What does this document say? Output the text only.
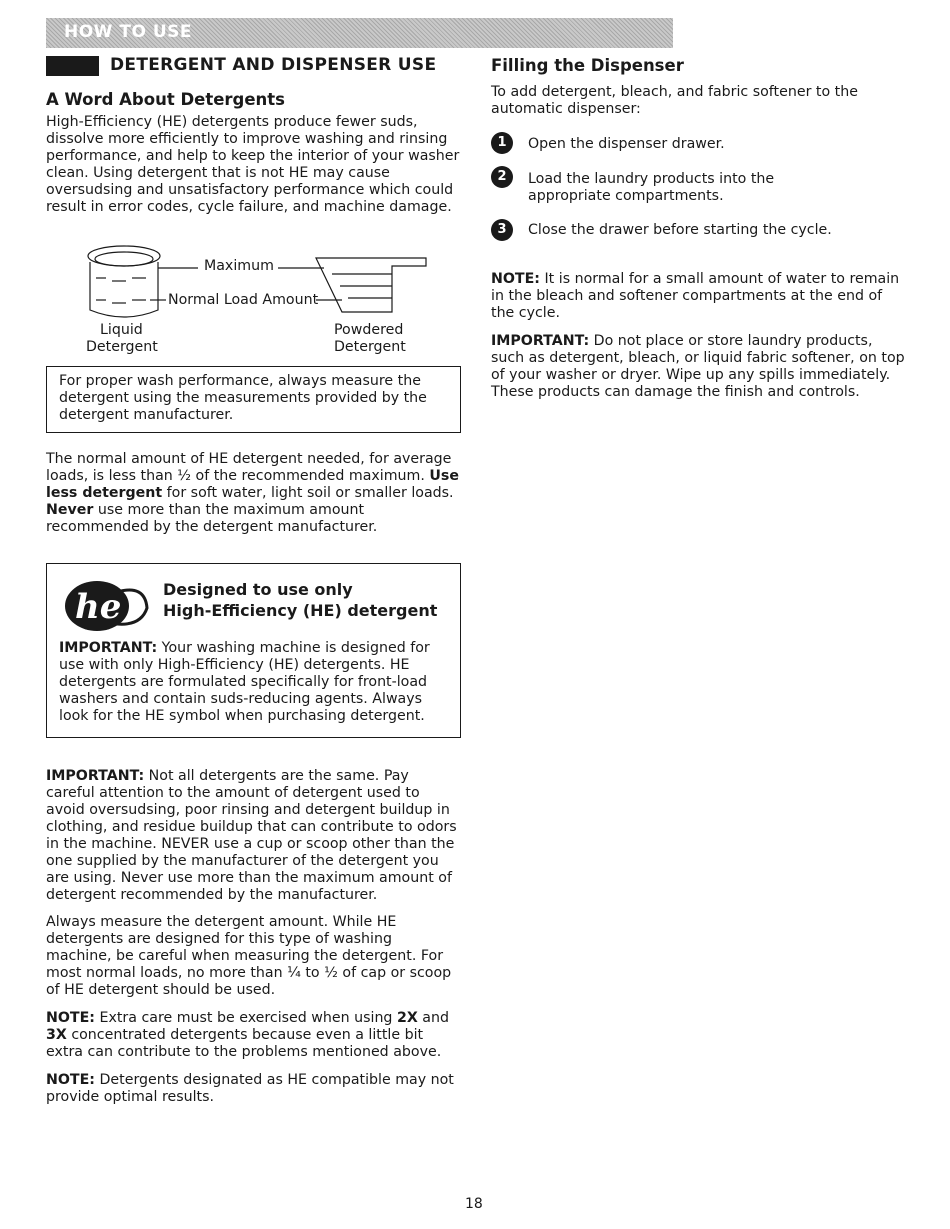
HOW TO USE
DETERGENT AND DISPENSER USE
A Word About Detergents

High-Efficiency (HE) detergents produce fewer suds, dissolve more efficiently to improve washing and rinsing performance, and help to keep the interior of your washer clean. Using detergent that is not HE may cause oversudsing and unsatisfactory performance which could result in error codes, cycle failure, and machine damage.

Maximum
Normal Load Amount
Liquid
Detergent
Powdered
Detergent

For proper wash performance, always measure the detergent using the measurements provided by the detergent manufacturer.

The normal amount of HE detergent needed, for average loads, is less than ½ of the recommended maximum. Use less detergent for soft water, light soil or smaller loads. Never use more than the maximum amount recommended by the detergent manufacturer.

he	Designed to use only
High-Efficiency (HE) detergent

IMPORTANT: Your washing machine is designed for use with only High-Efficiency (HE) detergents. HE detergents are formulated specifically for front-load washers and contain suds-reducing agents. Always look for the HE symbol when purchasing detergent.

IMPORTANT: Not all detergents are the same. Pay careful attention to the amount of detergent used to avoid oversudsing, poor rinsing and detergent buildup in clothing, and residue buildup that can contribute to odors in the machine. NEVER use a cup or scoop other than the one supplied by the manufacturer of the detergent you are using. Never use more than the maximum amount of detergent recommended by the manufacturer.

Always measure the detergent amount. While HE detergents are designed for this type of washing machine, be careful when measuring the detergent. For most normal loads, no more than ¼ to ½ of cap or scoop of HE detergent should be used.

NOTE: Extra care must be exercised when using 2X and 3X concentrated detergents because even a little bit extra can contribute to the problems mentioned above.

NOTE: Detergents designated as HE compatible may not provide optimal results.

Filling the Dispenser

To add detergent, bleach, and fabric softener to the automatic dispenser:

1	Open the dispenser drawer.

2	Load the laundry products into the appropriate compartments.

3	Close the drawer before starting the cycle.

NOTE: It is normal for a small amount of water to remain in the bleach and softener compartments at the end of the cycle.

IMPORTANT: Do not place or store laundry products, such as detergent, bleach, or liquid fabric softener, on top of your washer or dryer. Wipe up any spills immediately. These products can damage the finish and controls.

18
